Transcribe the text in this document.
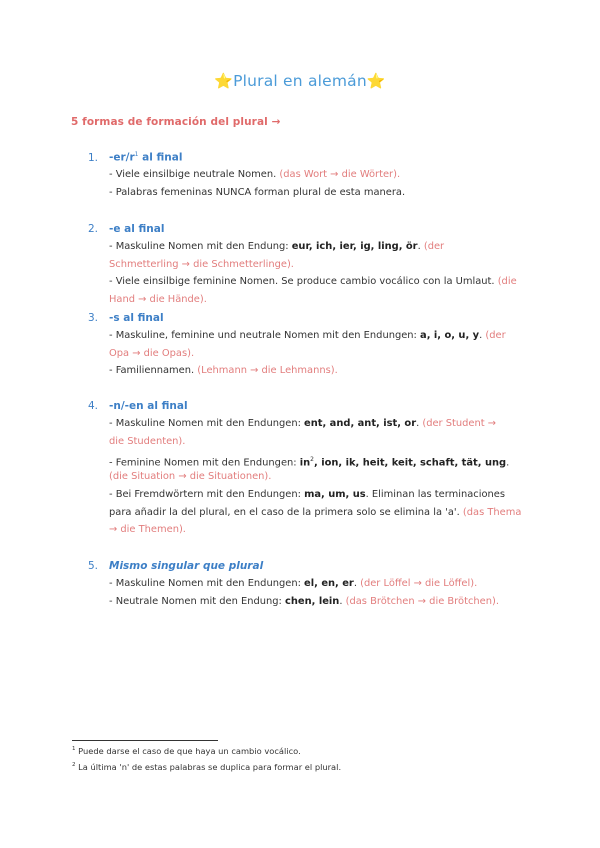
⭐Plural en alemán⭐
5 formas de formación del plural →
1. $-er/r^1$ al final
- Viele einsilbige neutrale Nomen. (das Wort → die Wörter).
- Palabras femeninas NUNCA forman plural de esta manera.
2. -e al final
- Maskuline Nomen mit den Endung: eur, ich, ier, ig, ling, ör. (der
Schmetterling → die Schmetterlinge).
- Viele einsilbige feminine Nomen. Se produce cambio vocálico con la Umlaut. (die
Hand → die Hände).
3. -s al final
- Maskuline, feminine und neutrale Nomen mit den Endungen: a, i, o, u, y. (der
Opa → die Opas).
- Familiennamen. (Lehmann → die Lehmanns).
4. -n/-en al final
- Maskuline Nomen mit den Endungen: ent, and, ant, ist, or. (der Student →
die Studenten).
- Feminine Nomen mit den Endungen: $in^2$, ion, ik, heit, keit, schaft, tät, ung.
(die Situation → die Situationen).
- Bei Fremdwörtern mit den Endungen: ma, um, us. Eliminan las terminaciones
para añadir la del plural, en el caso de la primera solo se elimina la 'a'. (das Thema
→ die Themen).
5. Mismo singular que plural
- Maskuline Nomen mit den Endungen: el, en, er. (der Löffel → die Löffel).
- Neutrale Nomen mit den Endung: chen, lein. (das Brötchen → die Brötchen).
$^1$ Puede darse el caso de que haya un cambio vocálico.
$^2$ La última 'n' de estas palabras se duplica para formar el plural.
